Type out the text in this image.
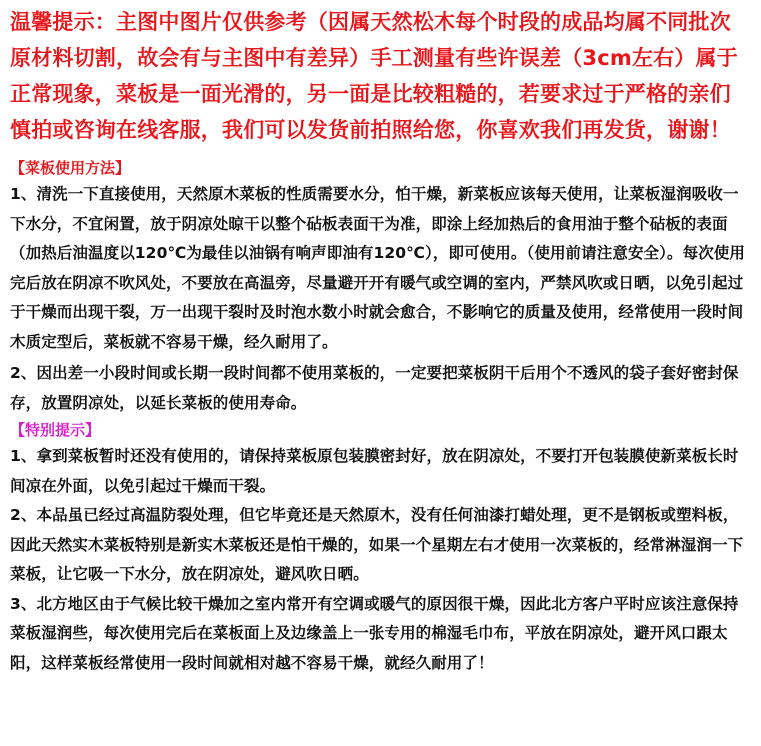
温馨提示：主图中图片仅供参考（因属天然松木每个时段的成品均属不同批次原材料切割，故会有与主图中有差异）手工测量有些许误差（3cm左右）属于正常现象，菜板是一面光滑的，另一面是比较粗糙的，若要求过于严格的亲们慎拍或咨询在线客服，我们可以发货前拍照给您，你喜欢我们再发货，谢谢！

【菜板使用方法】

1、清洗一下直接使用，天然原木菜板的性质需要水分，怕干燥，新菜板应该每天使用，让菜板湿润吸收一下水分，不宜闲置，放于阴凉处晾干以整个砧板表面干为准，即涂上经加热后的食用油于整个砧板的表面（加热后油温度以120℃为最佳以油锅有响声即油有120℃），即可使用。（使用前请注意安全）。每次使用完后放在阴凉不吹风处，不要放在高温旁，尽量避开开有暖气或空调的室内，严禁风吹或日晒，以免引起过于干燥而出现干裂，万一出现干裂时及时泡水数小时就会愈合，不影响它的质量及使用，经常使用一段时间木质定型后，菜板就不容易干燥，经久耐用了。

2、因出差一小段时间或长期一段时间都不使用菜板的，一定要把菜板阴干后用个不透风的袋子套好密封保存，放置阴凉处，以延长菜板的使用寿命。

【特别提示】

1、拿到菜板暂时还没有使用的，请保持菜板原包装膜密封好，放在阴凉处，不要打开包装膜使新菜板长时间凉在外面，以免引起过干燥而干裂。

2、本品虽已经过高温防裂处理，但它毕竟还是天然原木，没有任何油漆打蜡处理，更不是钢板或塑料板，因此天然实木菜板特别是新实木菜板还是怕干燥的，如果一个星期左右才使用一次菜板的，经常淋湿润一下菜板，让它吸一下水分，放在阴凉处，避风吹日晒。

3、北方地区由于气候比较干燥加之室内常开有空调或暖气的原因很干燥，因此北方客户平时应该注意保持菜板湿润些，每次使用完后在菜板面上及边缘盖上一张专用的棉湿毛巾布，平放在阴凉处，避开风口跟太阳，这样菜板经常使用一段时间就相对越不容易干燥，就经久耐用了！
